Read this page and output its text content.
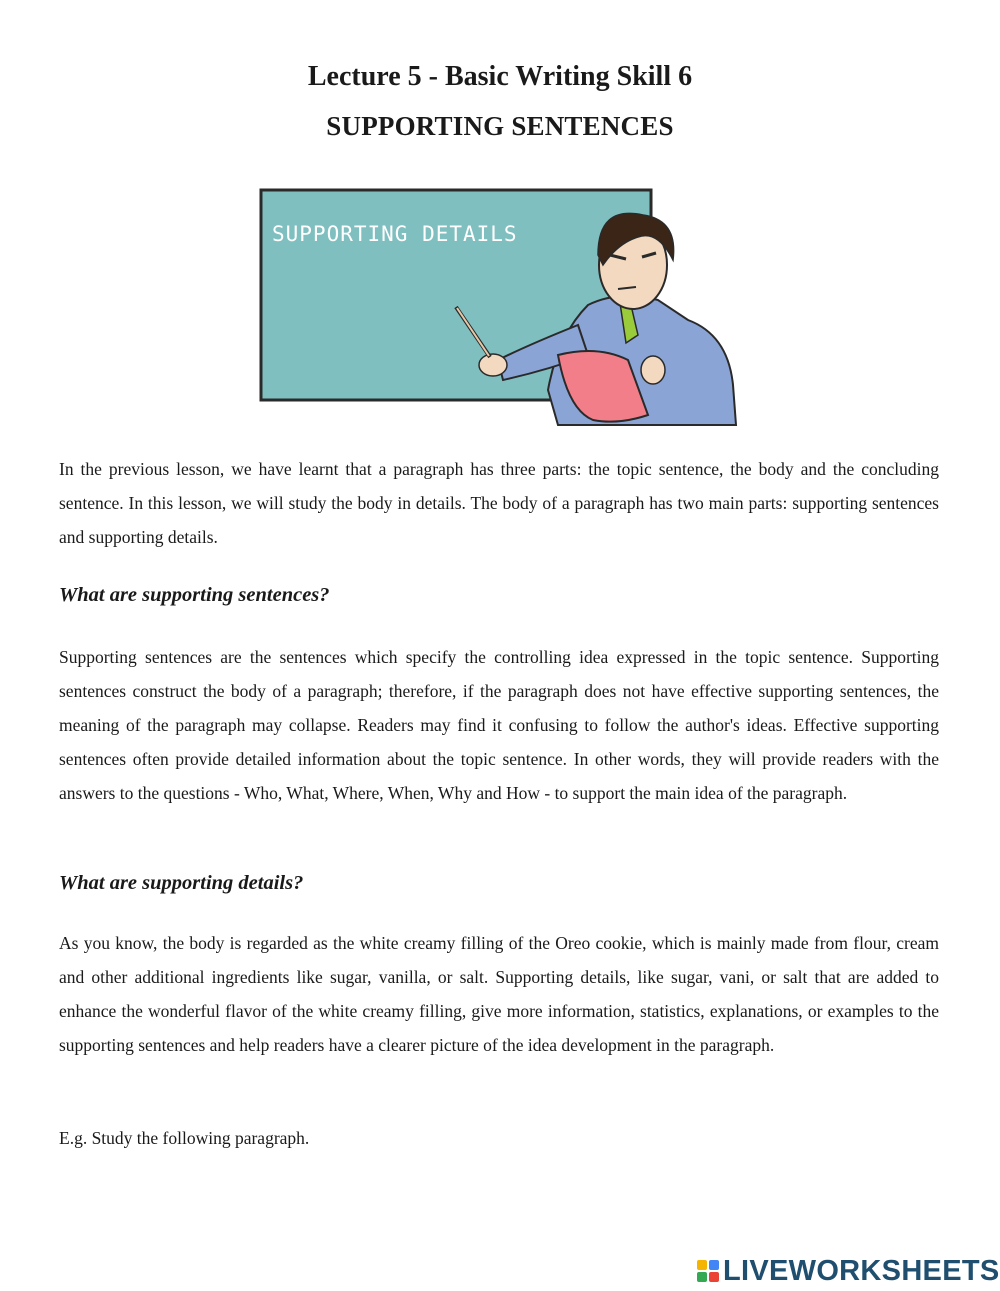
Lecture 5 - Basic Writing Skill 6
SUPPORTING SENTENCES
SUPPORTING DETAILS

In the previous lesson, we have learnt that a paragraph has three parts: the topic sentence, the body and the concluding sentence. In this lesson, we will study the body in details. The body of a paragraph has two main parts: supporting sentences and supporting details.

What are supporting sentences?

Supporting sentences are the sentences which specify the controlling idea expressed in the topic sentence. Supporting sentences construct the body of a paragraph; therefore, if the paragraph does not have effective supporting sentences, the meaning of the paragraph may collapse. Readers may find it confusing to follow the author's ideas. Effective supporting sentences often provide detailed information about the topic sentence. In other words, they will provide readers with the answers to the questions - Who, What, Where, When, Why and How - to support the main idea of the paragraph.

What are supporting details?

As you know, the body is regarded as the white creamy filling of the Oreo cookie, which is mainly made from flour, cream and other additional ingredients like sugar, vanilla, or salt. Supporting details, like sugar, vani, or salt that are added to enhance the wonderful flavor of the white creamy filling, give more information, statistics, explanations, or examples to the supporting sentences and help readers have a clearer picture of the idea development in the paragraph.

E.g. Study the following paragraph.

LIVEWORKSHEETS
